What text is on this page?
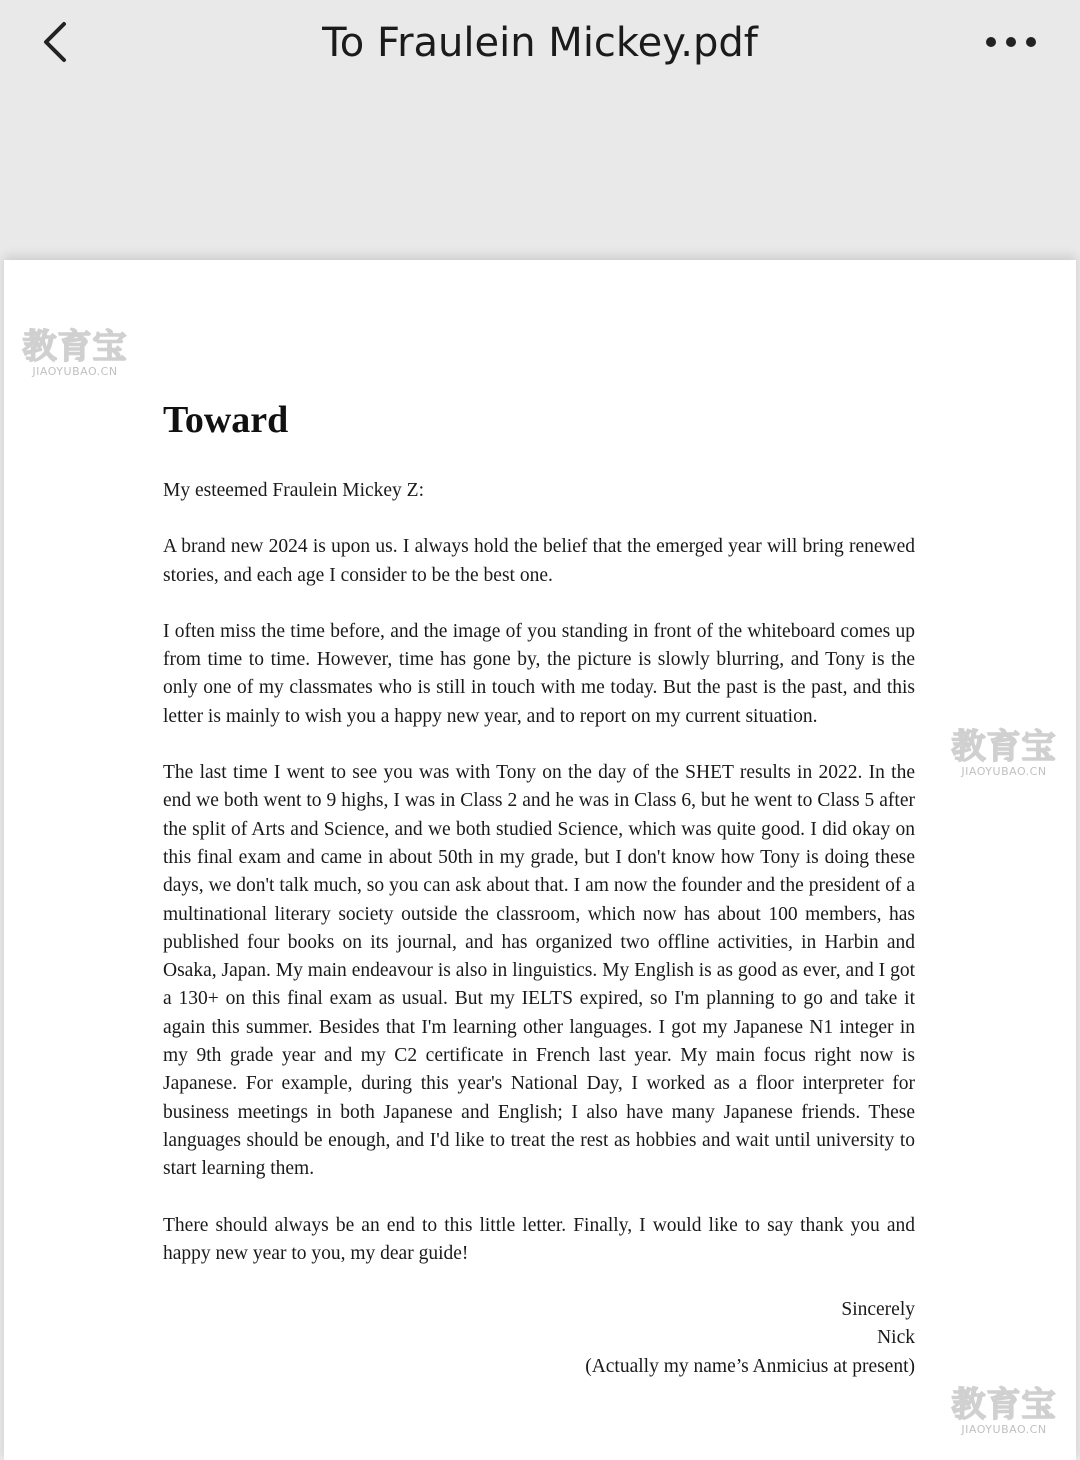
To Fraulein Mickey.pdf
JIAOYUBAO.CN
JIAOYUBAO.CN
JIAOYUBAO.CN
Toward

My esteemed Fraulein Mickey Z:

A brand new 2024 is upon us. I always hold the belief that the emerged year will bring renewed stories, and each age I consider to be the best one.

I often miss the time before, and the image of you standing in front of the whiteboard comes up from time to time. However, time has gone by, the picture is slowly blurring, and Tony is the only one of my classmates who is still in touch with me today. But the past is the past, and this letter is mainly to wish you a happy new year, and to report on my current situation.

The last time I went to see you was with Tony on the day of the SHET results in 2022. In the end we both went to 9 highs, I was in Class 2 and he was in Class 6, but he went to Class 5 after the split of Arts and Science, and we both studied Science, which was quite good. I did okay on this final exam and came in about 50th in my grade, but I don't know how Tony is doing these days, we don't talk much, so you can ask about that. I am now the founder and the president of a multinational literary society outside the classroom, which now has about 100 members, has published four books on its journal, and has organized two offline activities, in Harbin and Osaka, Japan. My main endeavour is also in linguistics. My English is as good as ever, and I got a 130+ on this final exam as usual. But my IELTS expired, so I'm planning to go and take it again this summer. Besides that I'm learning other languages. I got my Japanese N1 integer in my 9th grade year and my C2 certificate in French last year. My main focus right now is Japanese. For example, during this year's National Day, I worked as a floor interpreter for business meetings in both Japanese and English; I also have many Japanese friends. These languages should be enough, and I'd like to treat the rest as hobbies and wait until university to start learning them.

There should always be an end to this little letter. Finally, I would like to say thank you and happy new year to you, my dear guide!

Sincerely
Nick
(Actually my name’s Anmicius at present)
